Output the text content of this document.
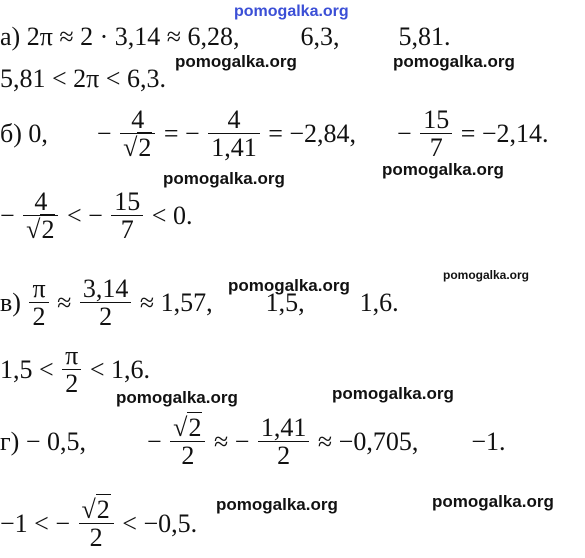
pomogalka.org
pomogalka.org	pomogalka.org
pomogalka.org	pomogalka.org
pomogalka.org
pomogalka.org
pomogalka.org	pomogalka.org
pomogalka.org	pomogalka.org
а) 2π ≈ 2 · 3,14 ≈ 6,28, 6,3, 5,81.
5,81 < 2π < 6,3.
б) 0, − $\frac{4}{√2}$ = − $\frac{4}{1,41} = -2,84$, − $\frac{15}{7} = -2,14$.
− $\frac{4}{√2}$ < − $\frac{15}{7} < 0$.
$в) \frac{\pi}{2} \approx \frac{3,14}{2} \approx 1,57$, 1,5, 1,6.
$1,5 < \frac{\pi}{2} < 1,6$.
г) − 0,5, − $\frac{√2}{2}$ ≈ − $\frac{1,41}{2} \approx -0,705$, −1.
−1 < − $\frac{√2}{2} < -0,5$.
